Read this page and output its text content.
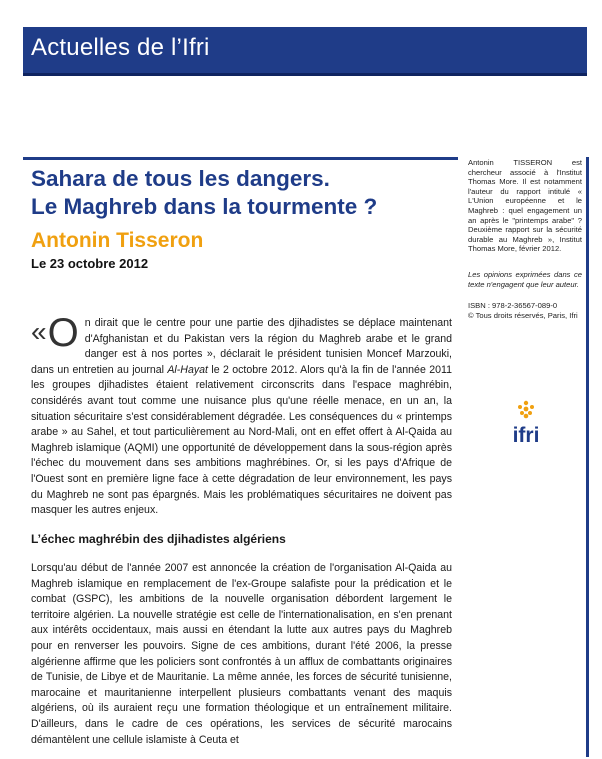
Actuelles de l’Ifri
Sahara de tous les dangers.
Le Maghreb dans la tourmente ?
Antonin Tisseron
Le 23 octobre 2012
« O n dirait que le centre pour une partie des djihadistes se déplace maintenant d'Afghanistan et du Pakistan vers la région du Maghreb arabe et le grand danger est à nos portes », déclarait le président tunisien Moncef Marzouki, dans un entretien au journal Al-Hayat le 2 octobre 2012. Alors qu'à la fin de l'année 2011 les groupes djihadistes étaient relativement circonscrits dans l'espace maghrébin, considérés avant tout comme une nuisance plus qu'une réelle menace, en un an, la situation sécuritaire s'est considérablement dégradée. Les conséquences du « printemps arabe » au Sahel, et tout particulièrement au Nord-Mali, ont en effet offert à Al-Qaida au Maghreb islamique (AQMI) une opportunité de développement dans la sous-région après l'échec du mouvement dans ses ambitions maghrébines. Or, si les pays d'Afrique de l'Ouest sont en première ligne face à cette dégradation de leur environnement, les pays du Maghreb ne sont pas épargnés. Mais les problématiques sécuritaires ne doivent pas masquer les autres enjeux.
L’échec maghrébin des djihadistes algériens
Lorsqu'au début de l'année 2007 est annoncée la création de l'organisation Al-Qaida au Maghreb islamique en remplacement de l'ex-Groupe salafiste pour la prédication et le combat (GSPC), les ambitions de la nouvelle organisation débordent largement le territoire algérien. La nouvelle stratégie est celle de l'internationalisation, en s'en prenant aux intérêts occidentaux, mais aussi en étendant la lutte aux autres pays du Maghreb pour en renverser les pouvoirs. Signe de ces ambitions, durant l'été 2006, la presse algérienne affirme que les policiers sont confrontés à un afflux de combattants originaires de Tunisie, de Libye et de Mauritanie. La même année, les forces de sécurité tunisienne, marocaine et mauritanienne interpellent plusieurs combattants venant des maquis algériens, où ils auraient reçu une formation théologique et un entraînement militaire. D'ailleurs, dans le cadre de ces opérations, les services de sécurité marocains démantèlent une cellule islamiste à Ceuta et
Antonin TISSERON est chercheur associé à l'Institut Thomas More. Il est notamment l'auteur du rapport intitulé « L'Union européenne et le Maghreb : quel engagement un an après le "printemps arabe" ? Deuxième rapport sur la sécurité durable au Maghreb », Institut Thomas More, février 2012.
Les opinions exprimées dans ce texte n'engagent que leur auteur.
ISBN : 978-2-36567-089-0
© Tous droits réservés, Paris, Ifri
ifri
